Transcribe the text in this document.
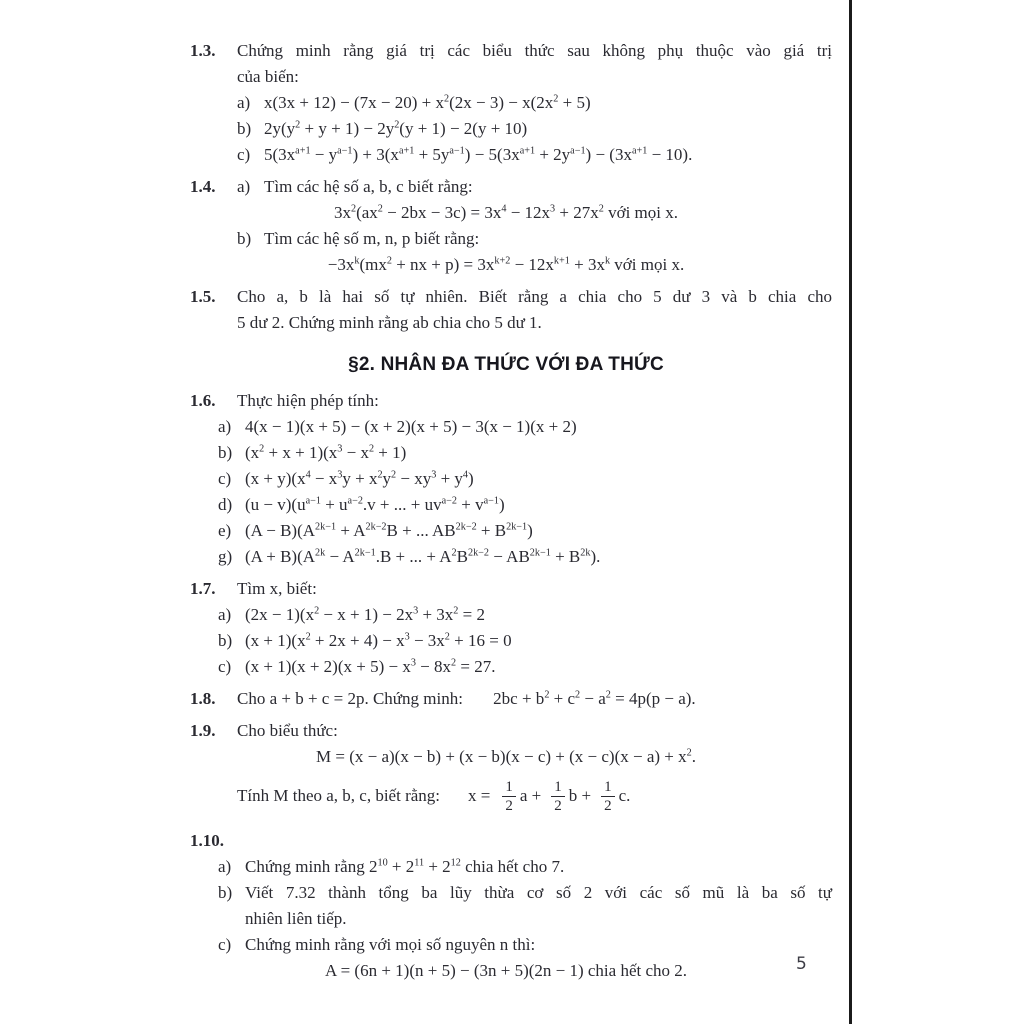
1.3. Chứng minh rằng giá trị các biểu thức sau không phụ thuộc vào giá trị
của biến:
a) $x(3x + 12) - (7x - 20) + x^2(2x - 3) - x(2x^2 + 5)$
b) $2y(y^2 + y + 1) - 2y^2(y + 1) - 2(y + 10)$
c) $5(3x^{a+1} - y^{a-1}) + 3(x^{a+1} + 5y^{a-1}) - 5(3x^{a+1} + 2y^{a-1}) - (3x^{a+1} - 10)$.
1.4. a) Tìm các hệ số a, b, c biết rằng:
$3x^2(ax^2 - 2bx - 3c) = 3x^4 - 12x^3 + 27x^2$ với mọi x.
b) Tìm các hệ số m, n, p biết rằng:
$-3x^k(mx^2$ + nx + $p) = 3x^{k+2} - 12x^{k+1} + 3x^k$ với mọi x.
1.5. Cho a, b là hai số tự nhiên. Biết rằng a chia cho 5 dư 3 và b chia cho
5 dư 2. Chứng minh rằng ab chia cho 5 dư 1.
§2. NHÂN ĐA THỨC VỚI ĐA THỨC
1.6. Thực hiện phép tính:
a) 4(x − 1)(x + 5) − (x + 2)(x + 5) − 3(x − 1)(x + 2)
b) $(x^2 + x + 1)(x^3 - x^2 + 1)$
c) $(x + y)(x^4 - x^3y + x^2y^2 - xy^3 + y^4)$
d) $(u - v)(u^{a-1} + u^{a-2}.v$ + ... + $uv^{a-2} + v^{a-1}$)
e) $(A - B)(A^{2k-1} + A^{2k-2}B$ + ... $AB^{2k-2} + B^{2k-1}$)
g) $(A + B)(A^{2k} - A^{2k-1}.B$ + ... + $A^2B^{2k-2} - AB^{2k-1} + B^{2k}$).
1.7. Tìm x, biết:
a) $(2x - 1)(x^2 - x + 1) - 2x^3 + 3x^2 = 2$
b) $(x + 1)(x^2 + 2x + 4) - x^3 - 3x^2 + 16 = 0$
c) $(x + 1)(x + 2)(x + 5) - x^3 - 8x^2 = 27$.
1.8. Cho a + b + c = 2p. Chứng minh: $2bc + b^2 + c^2 - a^2 = 4p(p - a)$.
1.9. Cho biểu thức:
$M = (x - a)(x - b) + (x - b)(x - c) + (x - c)(x - a) + x^2$.
Tính M theo a, b, c, biết rằng: $x = \frac{1}{2}$ $a + \frac{1}{2}$ $b + \frac{1}{2} c$.
1.10.
a) Chứng minh rằng $2^{10} + 2^{11} + 2^{12}$ chia hết cho 7.
b) Viết 7.32 thành tổng ba lũy thừa cơ số 2 với các số mũ là ba số tự
nhiên liên tiếp.
c) Chứng minh rằng với mọi số nguyên n thì:
A = (6n + 1)(n + 5) − (3n + 5)(2n − 1) chia hết cho 2.	5
